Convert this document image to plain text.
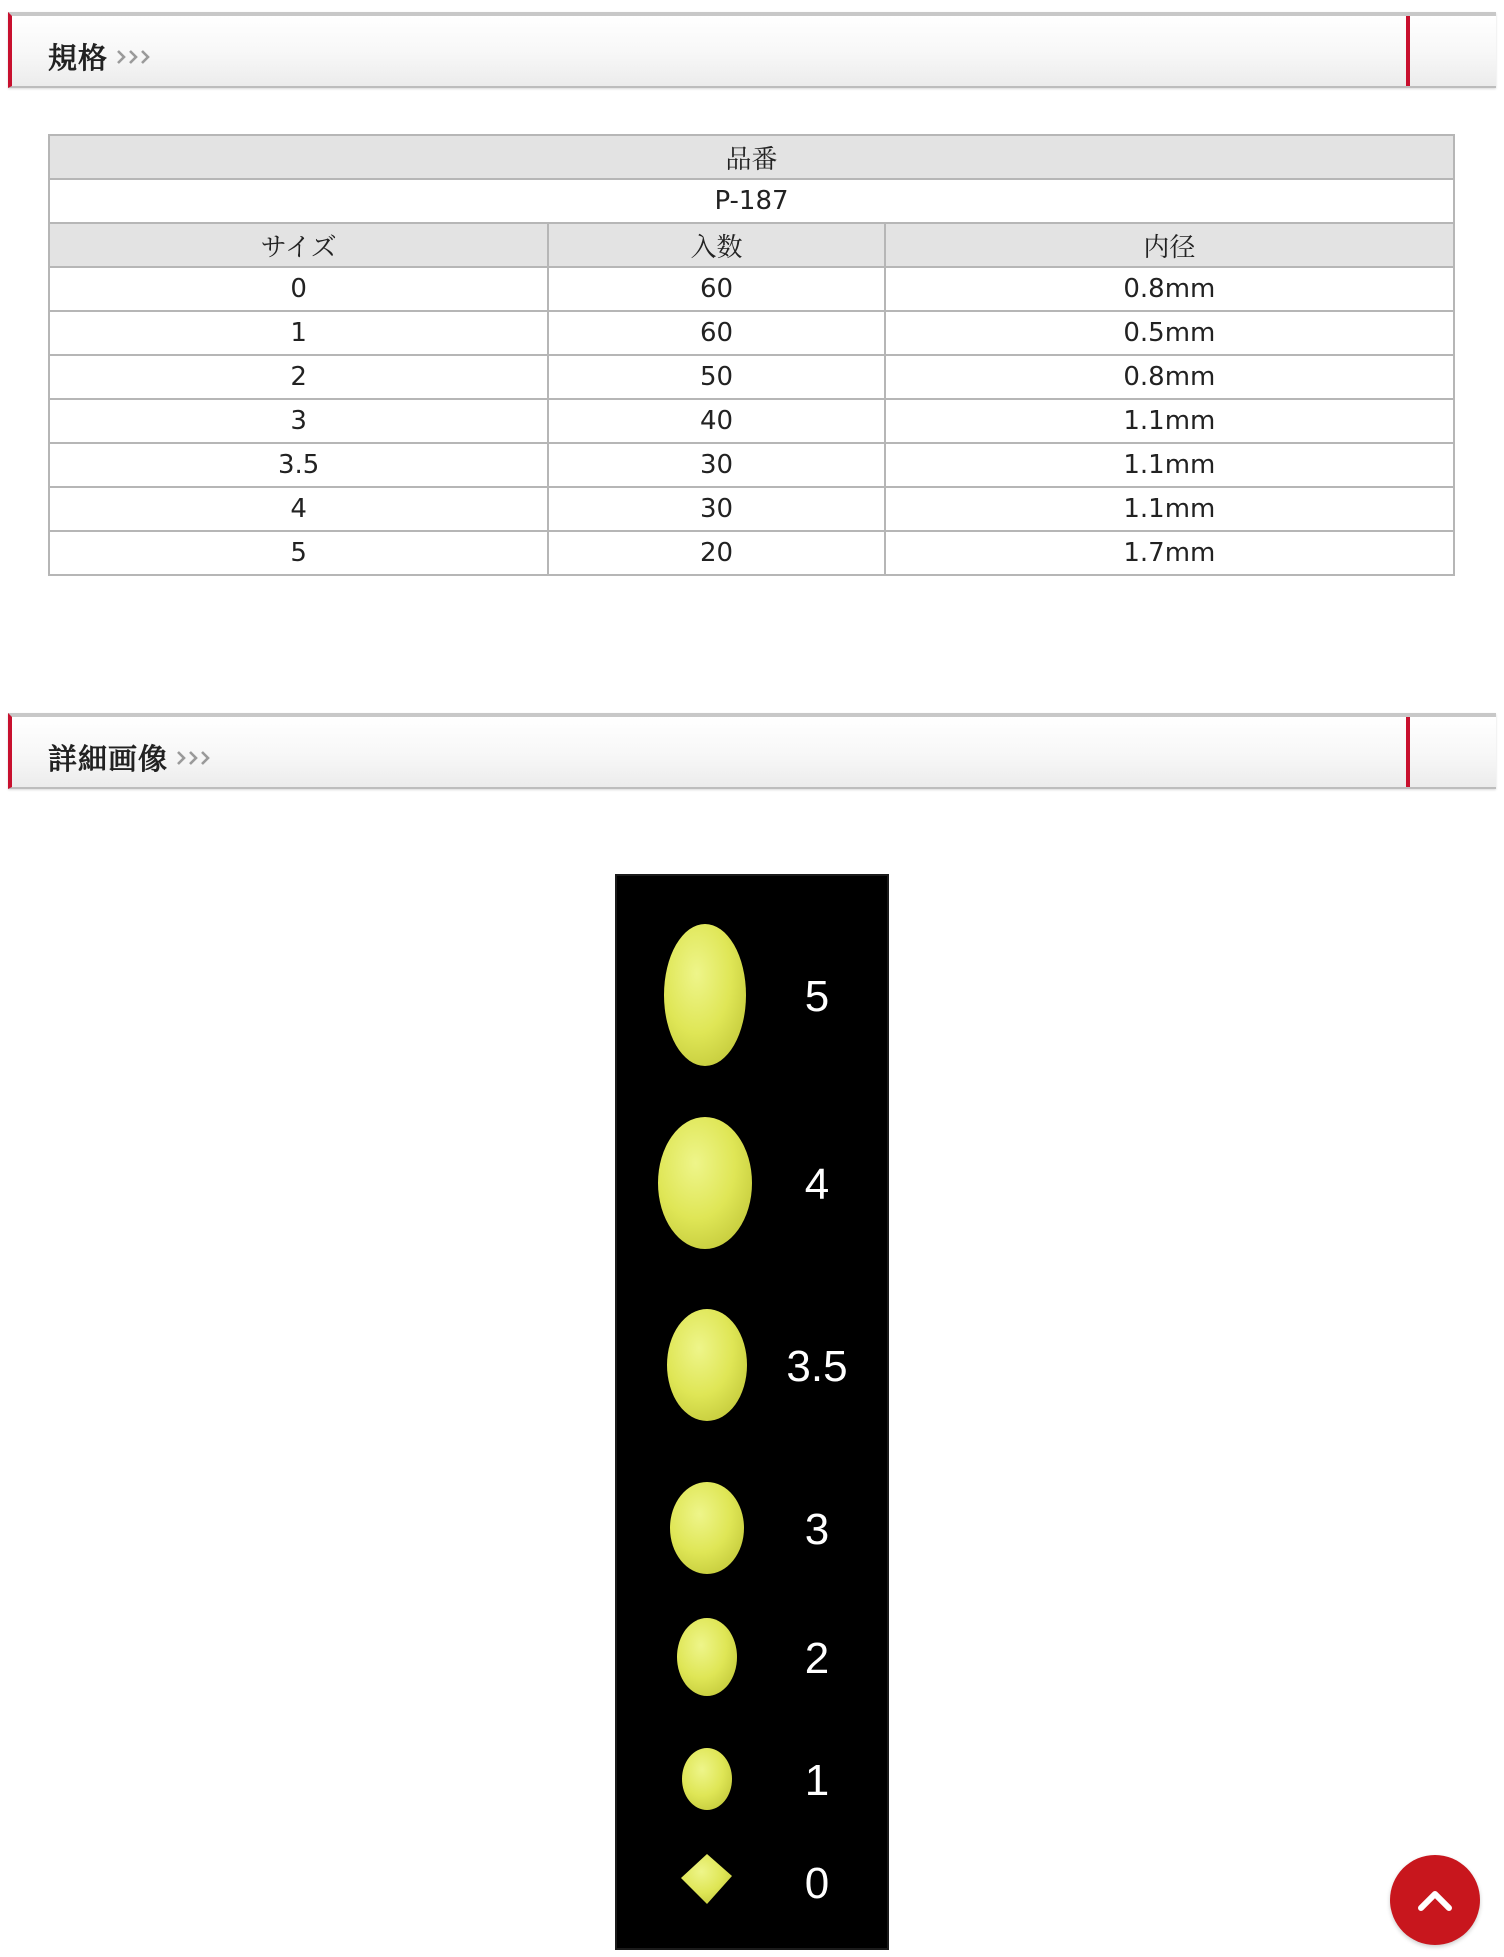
規格
品番		
P-187		
サイズ	入数	内径
0	60	0.8mm
1	60	0.5mm
2	50	0.8mm
3	40	1.1mm
3.5	30	1.1mm
4	30	1.1mm
5	20	1.7mm
詳細画像
5
4
3.5
3
2
1
0
